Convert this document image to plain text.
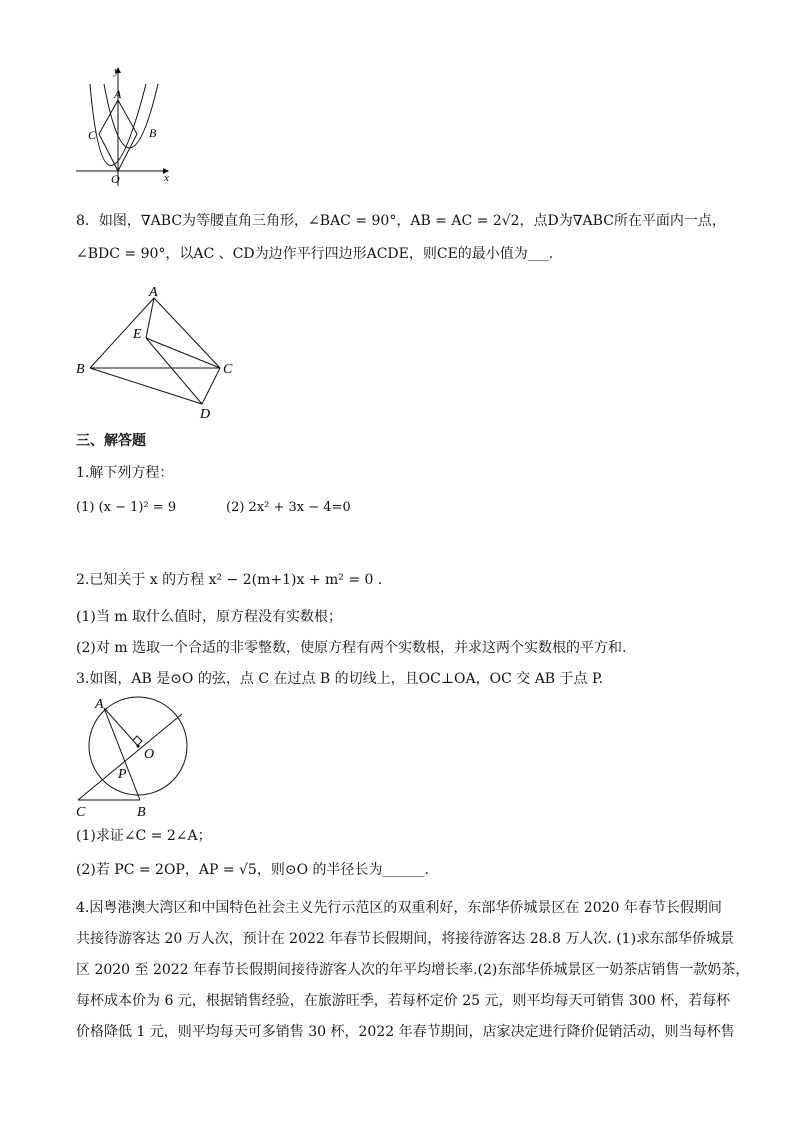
y
x
O
A
C	B
8．如图，∇ABC为等腰直角三角形，∠BAC = 90°，AB = AC = 2√2，点D为∇ABC所在平面内一点，
∠BDC = 90°，以AC 、CD为边作平行四边形ACDE，则CE的最小值为___.
A
E
B	C
D
三、解答题
1.解下列方程：
(1) (x − 1)² = 9	(2) 2x² + 3x − 4=0
2.已知关于 x 的方程 x² − 2(m+1)x + m² = 0 .
(1)当 m 取什么值时，原方程没有实数根；
(2)对 m 选取一个合适的非零整数，使原方程有两个实数根，并求这两个实数根的平方和.
3.如图，AB 是⊙O 的弦，点 C 在过点 B 的切线上，且OC⊥OA，OC 交 AB 于点 P.
A
O
P
C	B
(1)求证∠C = 2∠A；
(2)若 PC = 2OP，AP = √5，则⊙O 的半径长为______.
4.因粤港澳大湾区和中国特色社会主义先行示范区的双重利好，东部华侨城景区在 2020 年春节长假期间
共接待游客达 20 万人次，预计在 2022 年春节长假期间，将接待游客达 28.8 万人次. (1)求东部华侨城景
区 2020 至 2022 年春节长假期间接待游客人次的年平均增长率.(2)东部华侨城景区一奶茶店销售一款奶茶，
每杯成本价为 6 元，根据销售经验，在旅游旺季，若每杯定价 25 元，则平均每天可销售 300 杯，若每杯
价格降低 1 元，则平均每天可多销售 30 杯，2022 年春节期间，店家决定进行降价促销活动，则当每杯售
